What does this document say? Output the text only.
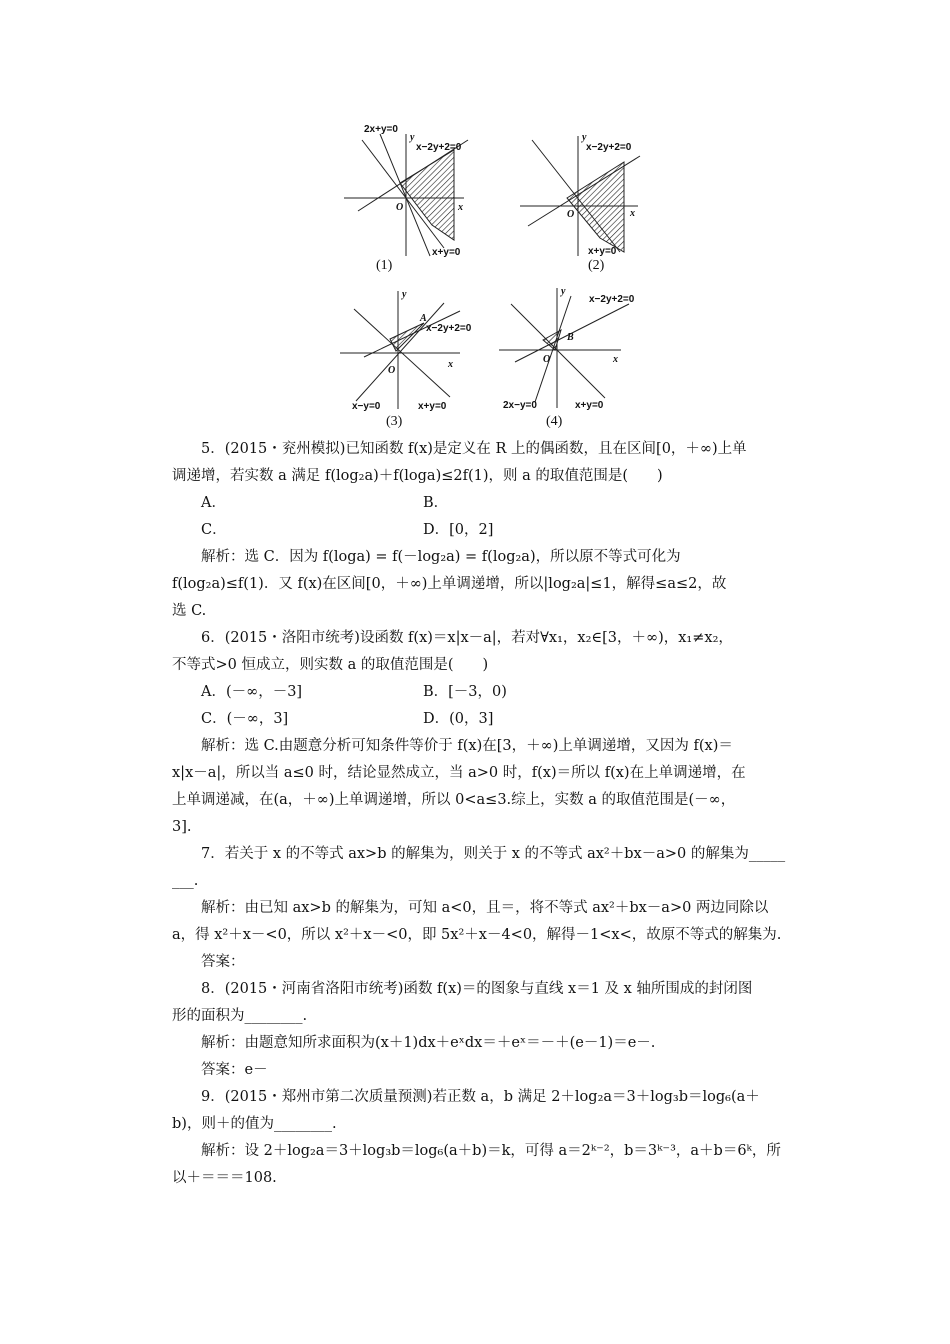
2x+y=0
x−2y+2=0
x+y=0
O	x
y
(1)
x−2y+2=0
x+y=0
O	x
y
(2)
A
x−2y+2=0
x−y=0	x+y=0
O
x
y
(3)
B
x−2y+2=0
2x−y=0	x+y=0
O	x
y
(4)

5．(2015・兖州模拟)已知函数 f(x)是定义在 R 上的偶函数，且在区间[0，＋∞)上单

调递增，若实数 a 满足 f(log₂a)＋f(loga)≤2f(1)，则 a 的取值范围是(　　)

A．	B．
C．	D．[0，2]

解析：选 C．因为 f(loga) = f(－log₂a) = f(log₂a)，所以原不等式可化为

f(log₂a)≤f(1)．又 f(x)在区间[0，＋∞)上单调递增，所以|log₂a|≤1，解得≤a≤2，故

选 C.

6．(2015・洛阳市统考)设函数 f(x)＝x|x－a|，若对∀x₁，x₂∈[3，＋∞)，x₁≠x₂，

不等式>0 恒成立，则实数 a 的取值范围是(　　)

A．(－∞，－3]	B．[－3，0)
C．(－∞，3]	D．(0，3]

解析：选 C.由题意分析可知条件等价于 f(x)在[3，＋∞)上单调递增，又因为 f(x)＝

x|x－a|，所以当 a≤0 时，结论显然成立，当 a>0 时，f(x)＝所以 f(x)在上单调递增，在

上单调递减，在(a，＋∞)上单调递增，所以 0<a≤3.综上，实数 a 的取值范围是(－∞，

3].

7．若关于 x 的不等式 ax>b 的解集为，则关于 x 的不等式 ax²＋bx－a>0 的解集为_____

___.

解析：由已知 ax>b 的解集为，可知 a<0，且＝，将不等式 ax²＋bx－a>0 两边同除以

a，得 x²＋x－<0，所以 x²＋x－<0，即 5x²＋x－4<0，解得－1<x<，故原不等式的解集为.

答案：

8．(2015・河南省洛阳市统考)函数 f(x)＝的图象与直线 x＝1 及 x 轴所围成的封闭图

形的面积为________.

解析：由题意知所求面积为(x＋1)dx＋eˣdx＝＋eˣ＝－＋(e－1)＝e－.

答案：e－

9．(2015・郑州市第二次质量预测)若正数 a，b 满足 2＋log₂a＝3＋log₃b＝log₆(a＋

b)，则＋的值为________.

解析：设 2＋log₂a＝3＋log₃b＝log₆(a＋b)＝k，可得 a＝2ᵏ⁻²，b＝3ᵏ⁻³，a＋b＝6ᵏ，所

以＋＝＝＝108.
